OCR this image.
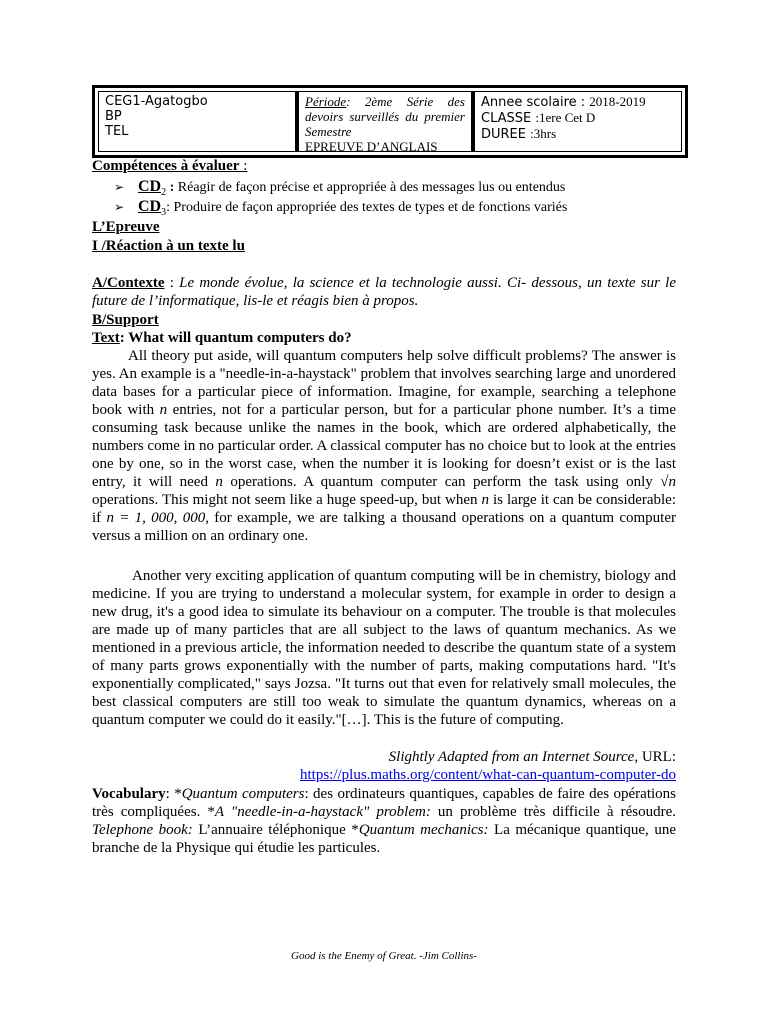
CEG1-Agatogbo
BP
TEL
Période: 2ème Série des devoirs surveillés du premier Semestre
EPREUVE D’ANGLAIS
Annee scolaire : 2018-2019
CLASSE :1ere Cet D
DUREE :3hrs
Compétences à évaluer :
➢ $CD_2$ : Réagir de façon précise et appropriée à des messages lus ou entendus
➢ $CD_3$: Produire de façon appropriée des textes de types et de fonctions variés
L’Epreuve
I /Réaction à un texte lu
A/Contexte : Le monde évolue, la science et la technologie aussi. Ci- dessous, un texte sur le future de l’informatique, lis-le et réagis bien à propos.
B/Support
Text: What will quantum computers do?
All theory put aside, will quantum computers help solve difficult problems? The answer is yes. An example is a "needle-in-a-haystack" problem that involves searching large and unordered data bases for a particular piece of information. Imagine, for example, searching a telephone book with n entries, not for a particular person, but for a particular phone number. It’s a time consuming task because unlike the names in the book, which are ordered alphabetically, the numbers come in no particular order. A classical computer has no choice but to look at the entries one by one, so in the worst case, when the number it is looking for doesn’t exist or is the last entry, it will need n operations. A quantum computer can perform the task using only √n operations. This might not seem like a huge speed-up, but when n is large it can be considerable: if n = 1, 000, 000, for example, we are talking a thousand operations on a quantum computer versus a million on an ordinary one.
Another very exciting application of quantum computing will be in chemistry, biology and medicine. If you are trying to understand a molecular system, for example in order to design a new drug, it's a good idea to simulate its behaviour on a computer. The trouble is that molecules are made up of many particles that are all subject to the laws of quantum mechanics. As we mentioned in a previous article, the information needed to describe the quantum state of a system of many parts grows exponentially with the number of parts, making computations hard. "It's exponentially complicated," says Jozsa. "It turns out that even for relatively small molecules, the best classical computers are still too weak to simulate the quantum dynamics, whereas on a quantum computer we could do it easily."[…]. This is the future of computing.
Slightly Adapted from an Internet Source, URL:
https://plus.maths.org/content/what-can-quantum-computer-do
Vocabulary: *Quantum computers: des ordinateurs quantiques, capables de faire des opérations très compliquées. *A "needle-in-a-haystack" problem: un problème très difficile à résoudre. Telephone book: L’annuaire téléphonique *Quantum mechanics: La mécanique quantique, une branche de la Physique qui étudie les particules.
Good is the Enemy of Great. -Jim Collins-
